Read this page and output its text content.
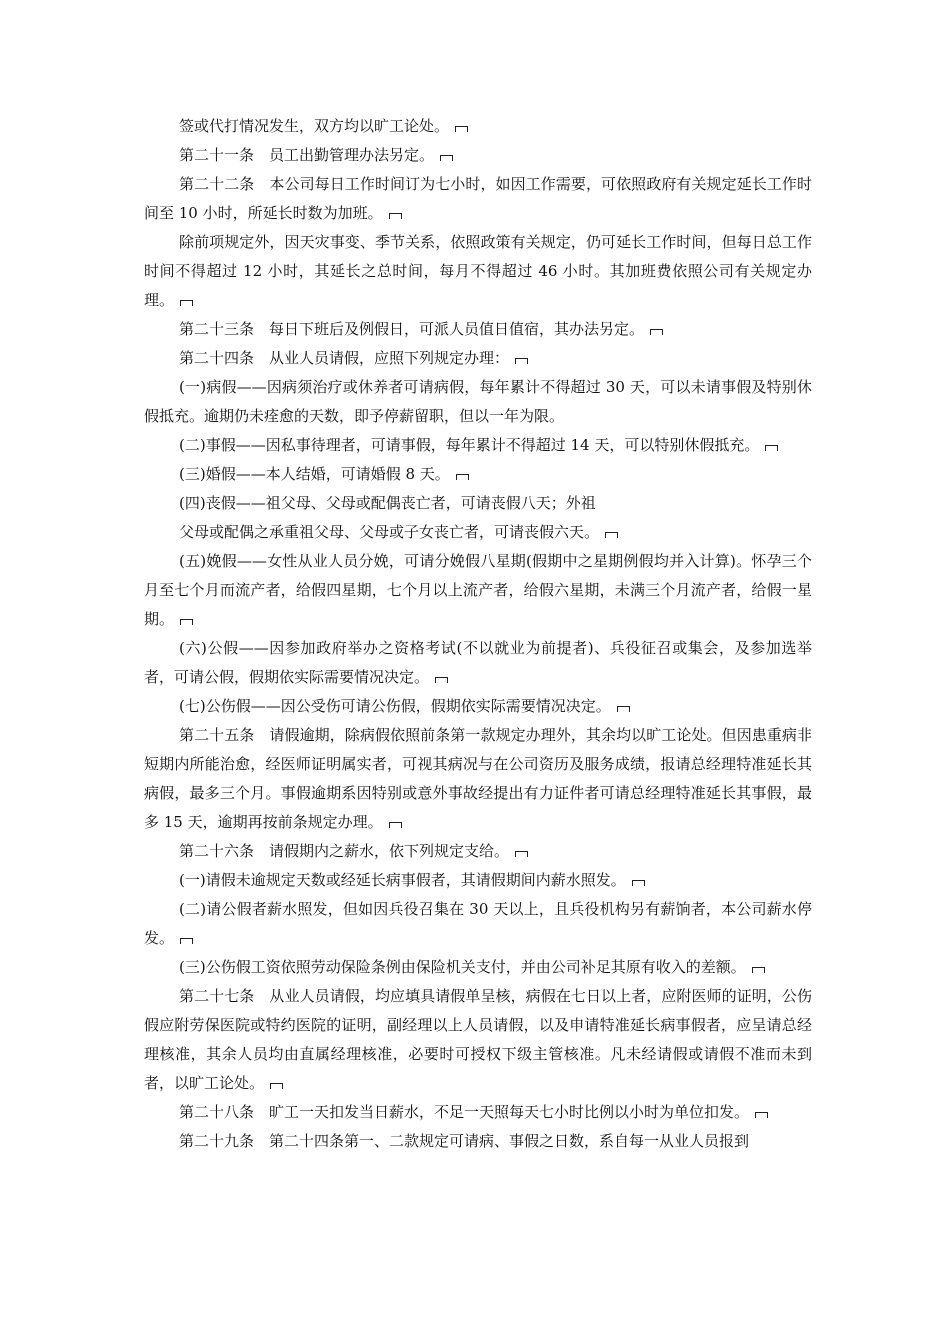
签或代打情况发生，双方均以旷工论处。

第二十一条　员工出勤管理办法另定。

第二十二条　本公司每日工作时间订为七小时，如因工作需要，可依照政府有关规定延长工作时间至 10 小时，所延长时数为加班。

除前项规定外，因天灾事变、季节关系，依照政策有关规定，仍可延长工作时间，但每日总工作时间不得超过 12 小时，其延长之总时间，每月不得超过 46 小时。其加班费依照公司有关规定办理。

第二十三条　每日下班后及例假日，可派人员值日值宿，其办法另定。

第二十四条　从业人员请假，应照下列规定办理：

(一)病假——因病须治疗或休养者可请病假，每年累计不得超过 30 天，可以未请事假及特别休假抵充。逾期仍未痊愈的天数，即予停薪留职，但以一年为限。

(二)事假——因私事待理者，可请事假，每年累计不得超过 14 天，可以特别休假抵充。

(三)婚假——本人结婚，可请婚假 8 天。

(四)丧假——祖父母、父母或配偶丧亡者，可请丧假八天；外祖

父母或配偶之承重祖父母、父母或子女丧亡者，可请丧假六天。

(五)娩假——女性从业人员分娩，可请分娩假八星期(假期中之星期例假均并入计算)。怀孕三个月至七个月而流产者，给假四星期，七个月以上流产者，给假六星期，未满三个月流产者，给假一星期。

(六)公假——因参加政府举办之资格考试(不以就业为前提者)、兵役征召或集会，及参加选举者，可请公假，假期依实际需要情况决定。

(七)公伤假——因公受伤可请公伤假，假期依实际需要情况决定。

第二十五条　请假逾期，除病假依照前条第一款规定办理外，其余均以旷工论处。但因患重病非短期内所能治愈，经医师证明属实者，可视其病况与在公司资历及服务成绩，报请总经理特准延长其病假，最多三个月。事假逾期系因特别或意外事故经提出有力证件者可请总经理特准延长其事假，最多 15 天，逾期再按前条规定办理。

第二十六条　请假期内之薪水，依下列规定支给。

(一)请假未逾规定天数或经延长病事假者，其请假期间内薪水照发。

(二)请公假者薪水照发，但如因兵役召集在 30 天以上，且兵役机构另有薪饷者，本公司薪水停发。

(三)公伤假工资依照劳动保险条例由保险机关支付，并由公司补足其原有收入的差额。

第二十七条　从业人员请假，均应填具请假单呈核，病假在七日以上者，应附医师的证明，公伤假应附劳保医院或特约医院的证明，副经理以上人员请假，以及申请特准延长病事假者，应呈请总经理核准，其余人员均由直属经理核准，必要时可授权下级主管核准。凡未经请假或请假不准而未到者，以旷工论处。

第二十八条　旷工一天扣发当日薪水，不足一天照每天七小时比例以小时为单位扣发。

第二十九条　第二十四条第一、二款规定可请病、事假之日数，系自每一从业人员报到
